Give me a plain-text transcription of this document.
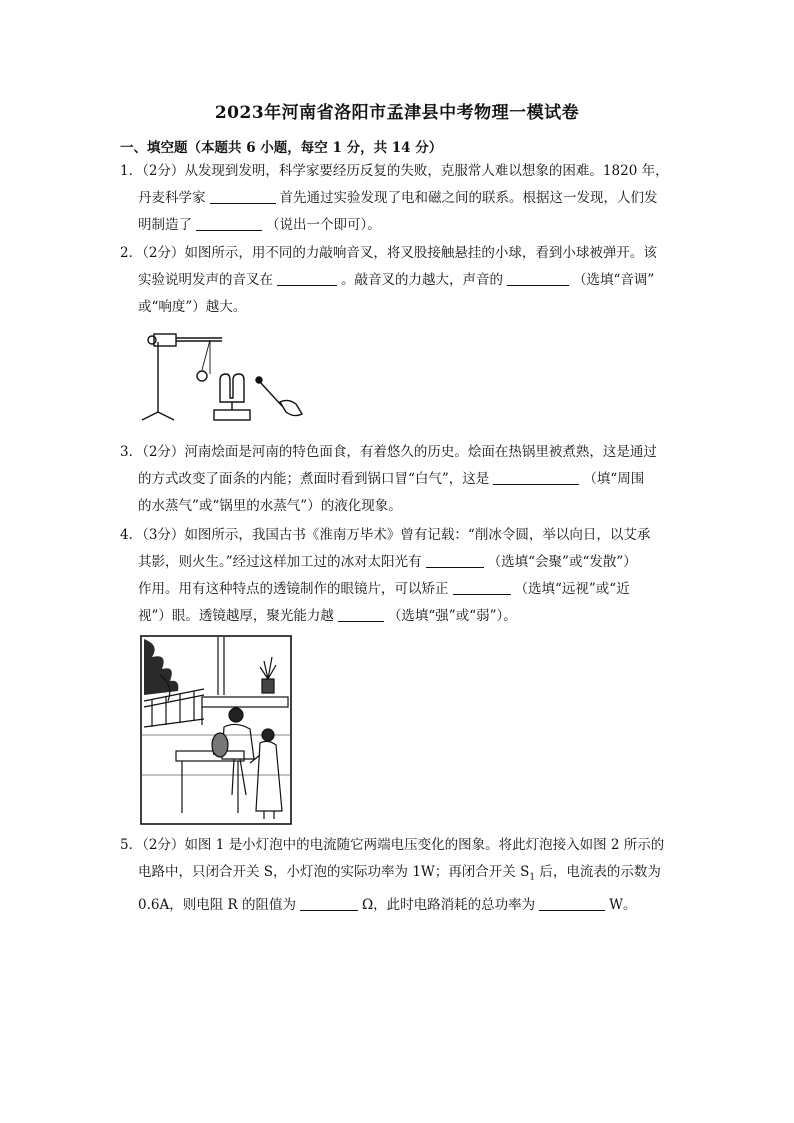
2023年河南省洛阳市孟津县中考物理一模试卷
一、填空题（本题共 6 小题，每空 1 分，共 14 分）
1．（2分）从发现到发明，科学家要经历反复的失败，克服常人难以想象的困难。1820 年，
丹麦科学家	首先通过实验发现了电和磁之间的联系。根据这一发现，人们发
明制造了	（说出一个即可）。
2．（2分）如图所示，用不同的力敲响音叉，将叉股接触悬挂的小球，看到小球被弹开。该
实验说明发声的音叉在	。敲音叉的力越大，声音的	（选填“音调”
或“响度”）越大。
3．（2分）河南烩面是河南的特色面食，有着悠久的历史。烩面在热锅里被煮熟，这是通过
的方式改变了面条的内能；煮面时看到锅口冒“白气”，这是	（填“周围
的水蒸气”或“锅里的水蒸气”）的液化现象。
4．（3分）如图所示，我国古书《淮南万毕术》曾有记载：“削冰令圆，举以向日，以艾承
其影，则火生。”经过这样加工过的冰对太阳光有	（选填“会聚”或“发散”）
作用。用有这种特点的透镜制作的眼镜片，可以矫正	（选填“远视”或“近
视”）眼。透镜越厚，聚光能力越	（选填“强”或“弱”）。
5．（2分）如图 1 是小灯泡中的电流随它两端电压变化的图象。将此灯泡接入如图 2 所示的
电路中，只闭合开关 S，小灯泡的实际功率为 1W；再闭合开关 $S_1$ 后，电流表的示数为
0.6A，则电阻 R 的阻值为	Ω，此时电路消耗的总功率为	W。
